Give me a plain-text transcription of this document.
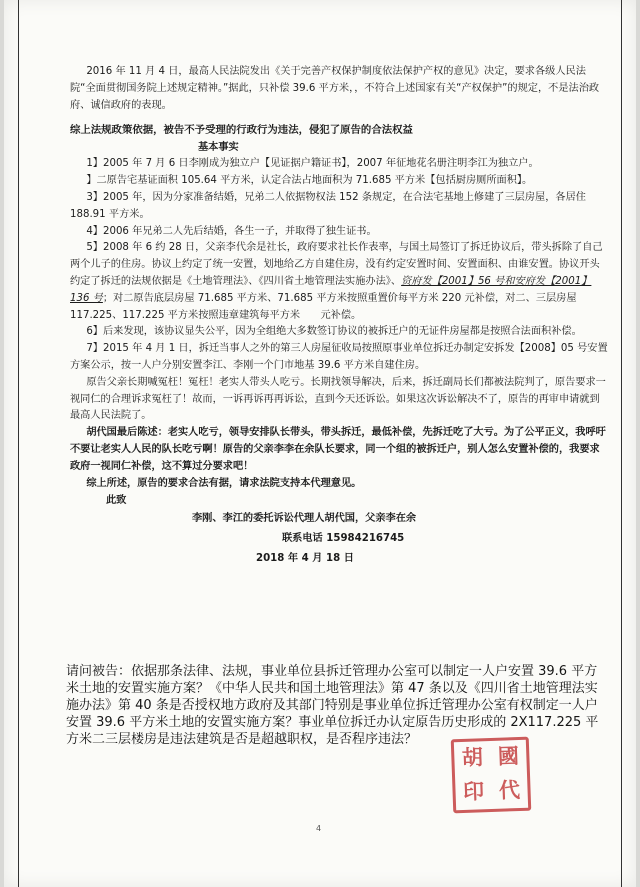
2016 年 11 月 4 日，最高人民法院发出《关于完善产权保护制度依法保护产权的意见》决定，要求各级人民法院“全面贯彻国务院上述规定精神。”据此，只补偿 39.6 平方米，，不符合上述国家有关“产权保护”的规定，不是法治政府、诚信政府的表现。

综上法规政策依据，被告不予受理的行政行为违法，侵犯了原告的合法权益

基本事实

1】2005 年 7 月 6 日李刚成为独立户【见证据户籍证书】，2007 年征地花名册注明李江为独立户。

】二原告宅基证面积 105.64 平方米，认定合法占地面积为 71.685 平方米【包括厨房厕所面积】。

3】2005 年，因为分家准备结婚，兄弟二人依据物权法 152 条规定，在合法宅基地上修建了三层房屋，各居住 188.91 平方米。

4】2006 年兄弟二人先后结婚，各生一子，并取得了独生证书。

5】2008 年 6 约 28 日，父亲李代余是社长，政府要求社长作表率，与国土局签订了拆迁协议后，带头拆除了自己两个儿子的住房。协议上约定了统一安置，划地给乙方自建住房，没有约定安置时间、安置面积、由谁安置。协议开头约定了拆迁的法规依据是《土地管理法》、《四川省土地管理法实施办法》、资府发【2001】56 号和安府发【2001】136 号；对二原告底层房屋 71.685 平方米、71.685 平方米按照重置价每平方米 220 元补偿，对二、三层房屋 117.225、117.225 平方米按照违章建筑每平方米　　元补偿。

6】后来发现，该协议显失公平，因为全组绝大多数签订协议的被拆迁户的无证件房屋都是按照合法面积补偿。

7】2015 年 4 月 1 日，拆迁当事人之外的第三人房屋征收局按照原事业单位拆迁办制定安拆发【2008】05 号安置方案公示，按一人户分别安置李江、李刚一个门市地基 39.6 平方米自建住房。

原告父亲长期喊冤枉！冤枉！老实人带头人吃亏。长期找领导解决，后来，拆迁副局长们都被法院判了，原告要求一视同仁的合理诉求冤枉了！故而，一诉再诉再再诉讼，直到今天还诉讼。如果这次诉讼解决不了，原告的再审申请就到最高人民法院了。

胡代国最后陈述：老实人吃亏，领导安排队长带头，带头拆迁，最低补偿，先拆迁吃了大亏。为了公平正义，我呼吁不要让老实人人民的队长吃亏啊！原告的父亲李李在余队长要求，同一个组的被拆迁户，别人怎么安置补偿的，我要求政府一视同仁补偿，这不算过分要求吧！

综上所述，原告的要求合法有据，请求法院支持本代理意见。

此致

李刚、李江的委托诉讼代理人胡代国，父亲李在余

联系电话 15984216745

2018 年 4 月 18 日

请问被告：依据那条法律、法规，事业单位县拆迁管理办公室可以制定一人户安置 39.6 平方米土地的安置实施方案？《中华人民共和国土地管理法》第 47 条以及《四川省土地管理法实施办法》第 40 条是否授权地方政府及其部门特别是事业单位拆迁管理办公室有权制定一人户安置 39.6 平方米土地的安置实施方案？事业单位拆迁办认定原告历史形成的 2X117.225 平方米二三层楼房是违法建筑是否是超越职权，是否程序违法？

胡 國
印 代
4
